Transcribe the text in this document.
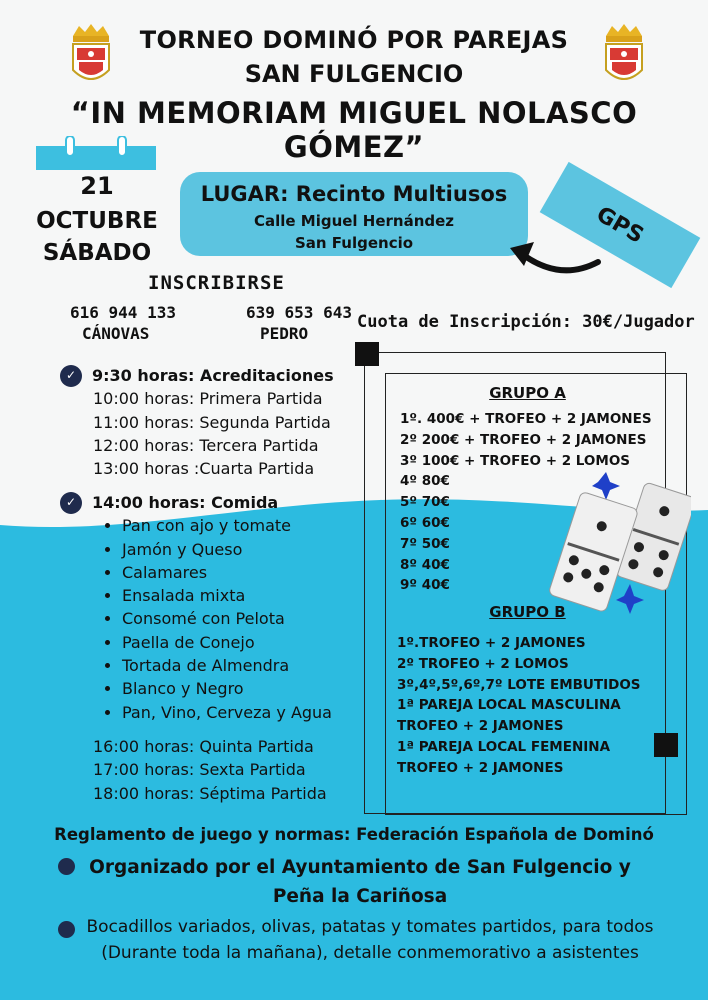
TORNEO DOMINÓ POR PAREJAS
SAN FULGENCIO
“IN MEMORIAM MIGUEL NOLASCO GÓMEZ”
21
OCTUBRE
SÁBADO
LUGAR: Recinto Multiusos
Calle Miguel Hernández
San Fulgencio	GPS
INSCRIBIRSE
616 944 133
CÁNOVAS
639 653 643
PEDRO
Cuota de Inscripción: 30€/Jugador
✓ 9:30 horas: Acreditaciones
10:00 horas: Primera Partida
11:00 horas: Segunda Partida
12:00 horas: Tercera Partida
13:00 horas :Cuarta Partida
✓ 14:00 horas: Comida
• Pan con ajo y tomate
• Jamón y Queso
• Calamares
• Ensalada mixta
• Consomé con Pelota
• Paella de Conejo
• Tortada de Almendra
• Blanco y Negro
• Pan, Vino, Cerveza y Agua
16:00 horas: Quinta Partida
17:00 horas: Sexta Partida
18:00 horas: Séptima Partida
GRUPO A
1º. 400€ + TROFEO + 2 JAMONES
2º 200€ + TROFEO + 2 JAMONES
3º 100€ + TROFEO + 2 LOMOS
4º 80€
5º 70€
6º 60€
7º 50€
8º 40€
9º 40€
GRUPO B
1º.TROFEO + 2 JAMONES
2º TROFEO + 2 LOMOS
3º,4º,5º,6º,7º LOTE EMBUTIDOS
1ª PAREJA LOCAL MASCULINA
TROFEO + 2 JAMONES
1ª PAREJA LOCAL FEMENINA
TROFEO + 2 JAMONES
Reglamento de juego y normas: Federación Española de Dominó
Organizado por el Ayuntamiento de San Fulgencio y
Peña la Cariñosa
Bocadillos variados, olivas, patatas y tomates partidos, para todos
(Durante toda la mañana), detalle conmemorativo a asistentes
